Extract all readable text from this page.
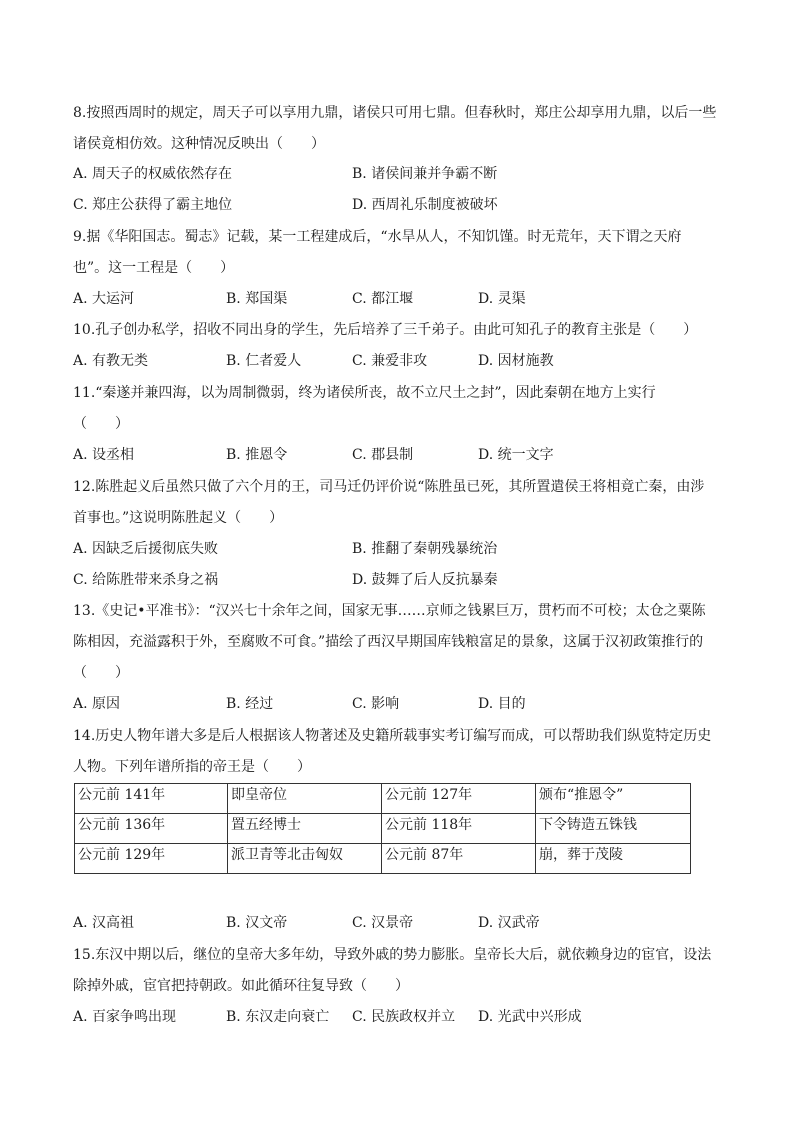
8.按照西周时的规定，周天子可以享用九鼎，诸侯只可用七鼎。但春秋时，郑庄公却享用九鼎，以后一些
诸侯竟相仿效。这种情况反映出（　　）
A. 周天子的权威依然存在	B. 诸侯间兼并争霸不断
C. 郑庄公获得了霸主地位	D. 西周礼乐制度被破坏
9.据《华阳国志。蜀志》记载，某一工程建成后，“水旱从人，不知饥馑。时无荒年，天下谓之天府
也”。这一工程是（　　）
A. 大运河	B. 郑国渠	C. 都江堰	D. 灵渠
10.孔子创办私学，招收不同出身的学生，先后培养了三千弟子。由此可知孔子的教育主张是（　　）
A. 有教无类	B. 仁者爱人	C. 兼爱非攻	D. 因材施教
11.“秦遂并兼四海，以为周制微弱，终为诸侯所丧，故不立尺土之封”，因此秦朝在地方上实行
（　　）
A. 设丞相	B. 推恩令	C. 郡县制	D. 统一文字
12.陈胜起义后虽然只做了六个月的王，司马迁仍评价说“陈胜虽已死，其所置遣侯王将相竟亡秦，由涉
首事也。”这说明陈胜起义（　　）
A. 因缺乏后援彻底失败	B. 推翻了秦朝残暴统治
C. 给陈胜带来杀身之祸	D. 鼓舞了后人反抗暴秦
13.《史记•平准书》：“汉兴七十余年之间，国家无事……京师之钱累巨万，贯朽而不可校；太仓之粟陈
陈相因，充溢露积于外，至腐败不可食。”描绘了西汉早期国库钱粮富足的景象，这属于汉初政策推行的
（　　）
A. 原因	B. 经过	C. 影响	D. 目的
14.历史人物年谱大多是后人根据该人物著述及史籍所载事实考订编写而成，可以帮助我们纵览特定历史
人物。下列年谱所指的帝王是（　　）
公元前 141年	即皇帝位	公元前 127年	颁布“推恩令”
公元前 136年	置五经博士	公元前 118年	下令铸造五铢钱
公元前 129年	派卫青等北击匈奴	公元前 87年	崩，葬于茂陵
A. 汉高祖	B. 汉文帝	C. 汉景帝	D. 汉武帝
15.东汉中期以后，继位的皇帝大多年幼，导致外戚的势力膨胀。皇帝长大后，就依赖身边的宦官，设法
除掉外戚，宦官把持朝政。如此循环往复导致（　　）
A. 百家争鸣出现	B. 东汉走向衰亡 C. 民族政权并立 D. 光武中兴形成
